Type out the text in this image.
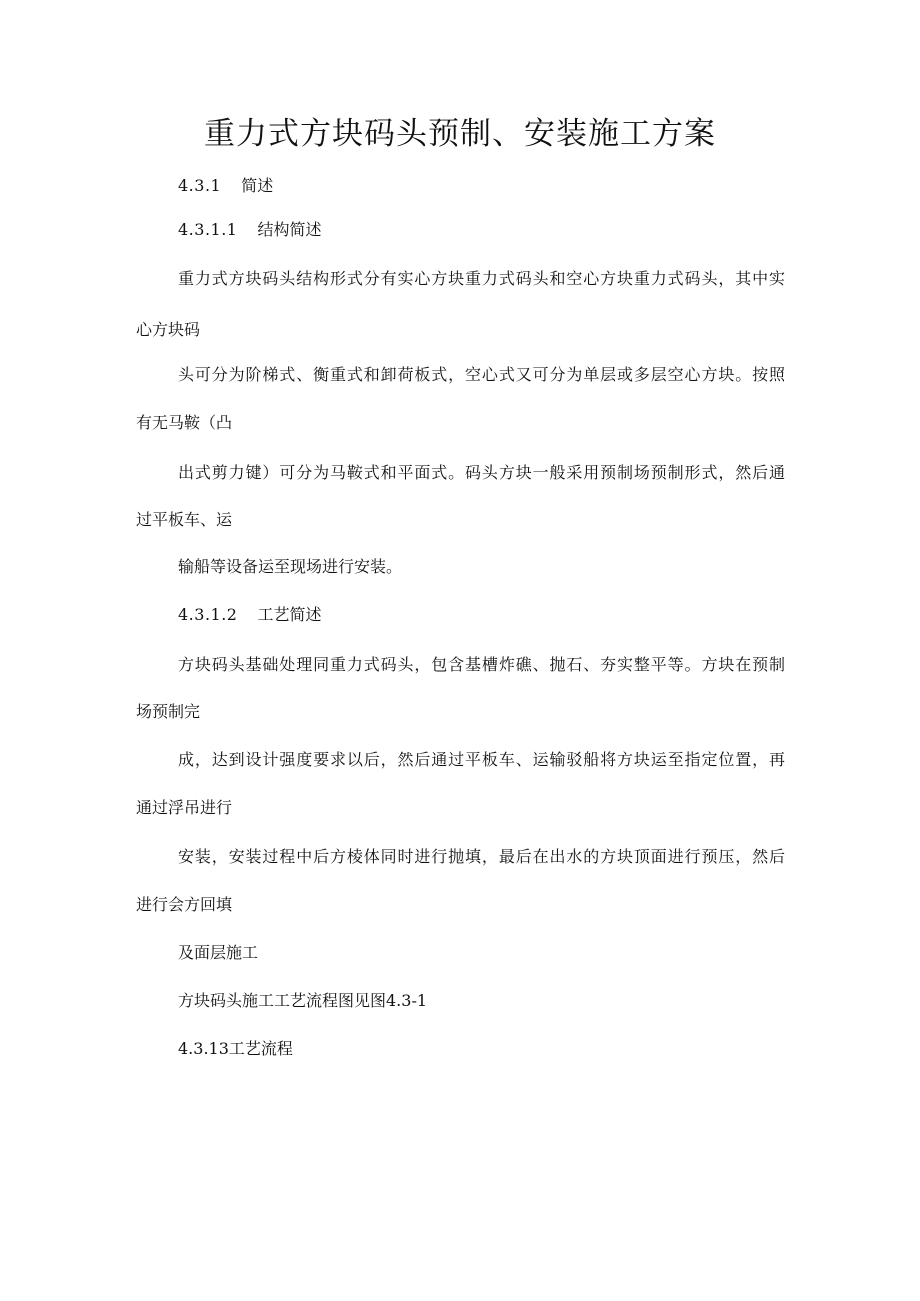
重力式方块码头预制、安装施工方案
4.3.1 简述
4.3.1.1 结构简述
重力式方块码头结构形式分有实心方块重力式码头和空心方块重力式码头，其中实
心方块码
头可分为阶梯式、衡重式和卸荷板式，空心式又可分为单层或多层空心方块。按照
有无马鞍（凸
出式剪力键）可分为马鞍式和平面式。码头方块一般采用预制场预制形式，然后通
过平板车、运
输船等设备运至现场进行安装。
4.3.1.2 工艺简述
方块码头基础处理同重力式码头，包含基槽炸礁、抛石、夯实整平等。方块在预制
场预制完
成，达到设计强度要求以后，然后通过平板车、运输驳船将方块运至指定位置，再
通过浮吊进行
安装，安装过程中后方棱体同时进行抛填，最后在出水的方块顶面进行预压，然后
进行会方回填
及面层施工
方块码头施工工艺流程图见图4.3-1
4.3.13工艺流程
